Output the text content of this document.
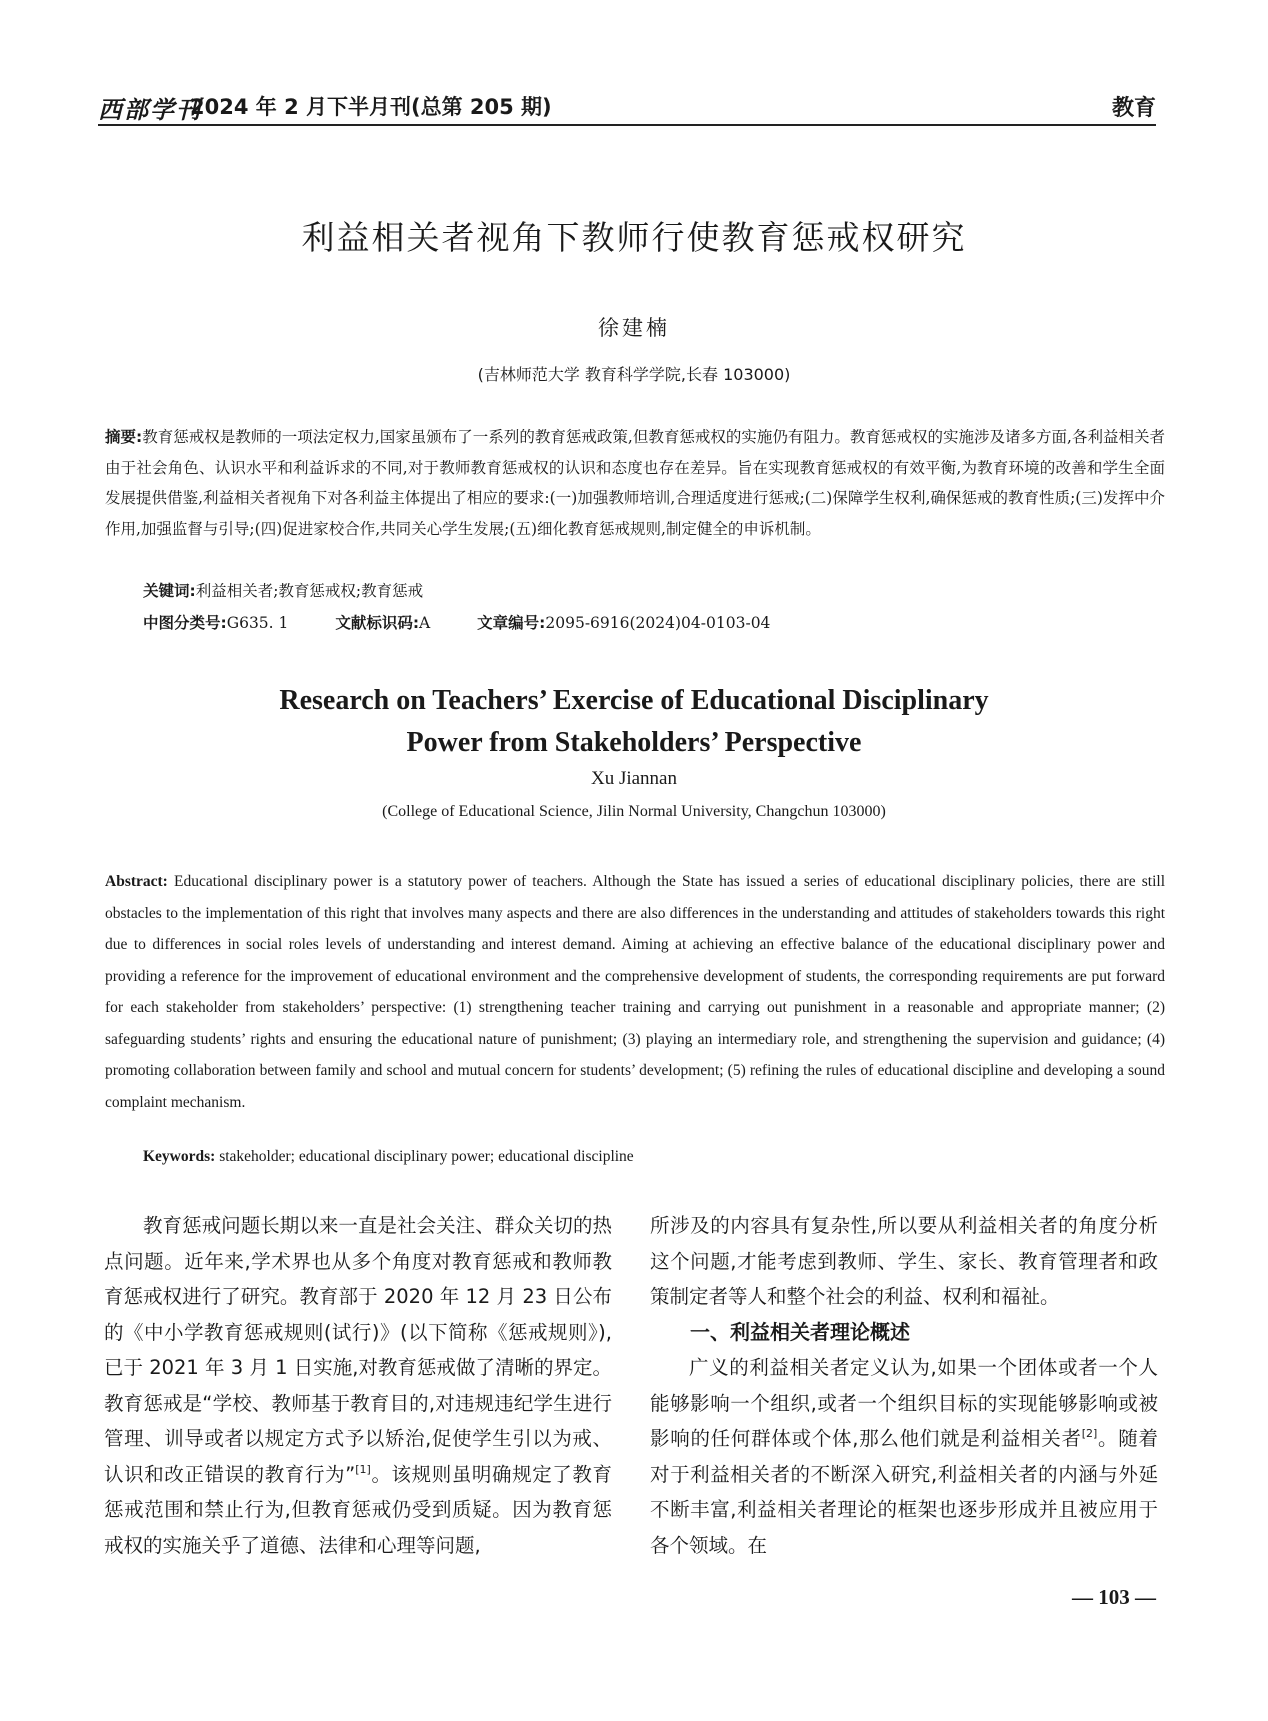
西部学刊
2024 年 2 月下半月刊(总第 205 期)	教育
利益相关者视角下教师行使教育惩戒权研究
徐建楠
(吉林师范大学 教育科学学院,长春 103000)
摘要:教育惩戒权是教师的一项法定权力,国家虽颁布了一系列的教育惩戒政策,但教育惩戒权的实施仍有阻力。教育惩戒权的实施涉及诸多方面,各利益相关者由于社会角色、认识水平和利益诉求的不同,对于教师教育惩戒权的认识和态度也存在差异。旨在实现教育惩戒权的有效平衡,为教育环境的改善和学生全面发展提供借鉴,利益相关者视角下对各利益主体提出了相应的要求:(一)加强教师培训,合理适度进行惩戒;(二)保障学生权利,确保惩戒的教育性质;(三)发挥中介作用,加强监督与引导;(四)促进家校合作,共同关心学生发展;(五)细化教育惩戒规则,制定健全的申诉机制。
关键词:利益相关者;教育惩戒权;教育惩戒
中图分类号:G635. 1	文献标识码:A	文章编号:2095-6916(2024)04-0103-04
Research on Teachers’ Exercise of Educational Disciplinary
Power from Stakeholders’ Perspective
Xu Jiannan
(College of Educational Science, Jilin Normal University, Changchun 103000)
Abstract: Educational disciplinary power is a statutory power of teachers. Although the State has issued a series of educational disciplinary policies, there are still obstacles to the implementation of this right that involves many aspects and there are also differences in the understanding and attitudes of stakeholders towards this right due to differences in social roles levels of understanding and interest demand. Aiming at achieving an effective balance of the educational disciplinary power and providing a reference for the improvement of educational environment and the comprehensive development of students, the corresponding requirements are put forward for each stakeholder from stakeholders’ perspective: (1) strengthening teacher training and carrying out punishment in a reasonable and appropriate manner; (2) safeguarding students’ rights and ensuring the educational nature of punishment; (3) playing an intermediary role, and strengthening the supervision and guidance; (4) promoting collaboration between family and school and mutual concern for students’ development; (5) refining the rules of educational discipline and developing a sound complaint mechanism.
Keywords: stakeholder; educational disciplinary power; educational discipline

教育惩戒问题长期以来一直是社会关注、群众关切的热点问题。近年来,学术界也从多个角度对教育惩戒和教师教育惩戒权进行了研究。教育部于 2020 年 12 月 23 日公布的《中小学教育惩戒规则(试行)》(以下简称《惩戒规则》),已于 2021 年 3 月 1 日实施,对教育惩戒做了清晰的界定。教育惩戒是“学校、教师基于教育目的,对违规违纪学生进行管理、训导或者以规定方式予以矫治,促使学生引以为戒、认识和改正错误的教育行为”[1]。该规则虽明确规定了教育惩戒范围和禁止行为,但教育惩戒仍受到质疑。因为教育惩戒权的实施关乎了道德、法律和心理等问题,

所涉及的内容具有复杂性,所以要从利益相关者的角度分析这个问题,才能考虑到教师、学生、家长、教育管理者和政策制定者等人和整个社会的利益、权利和福祉。

一、利益相关者理论概述

广义的利益相关者定义认为,如果一个团体或者一个人能够影响一个组织,或者一个组织目标的实现能够影响或被影响的任何群体或个体,那么他们就是利益相关者[2]。随着对于利益相关者的不断深入研究,利益相关者的内涵与外延不断丰富,利益相关者理论的框架也逐步形成并且被应用于各个领域。在

— 103 —
